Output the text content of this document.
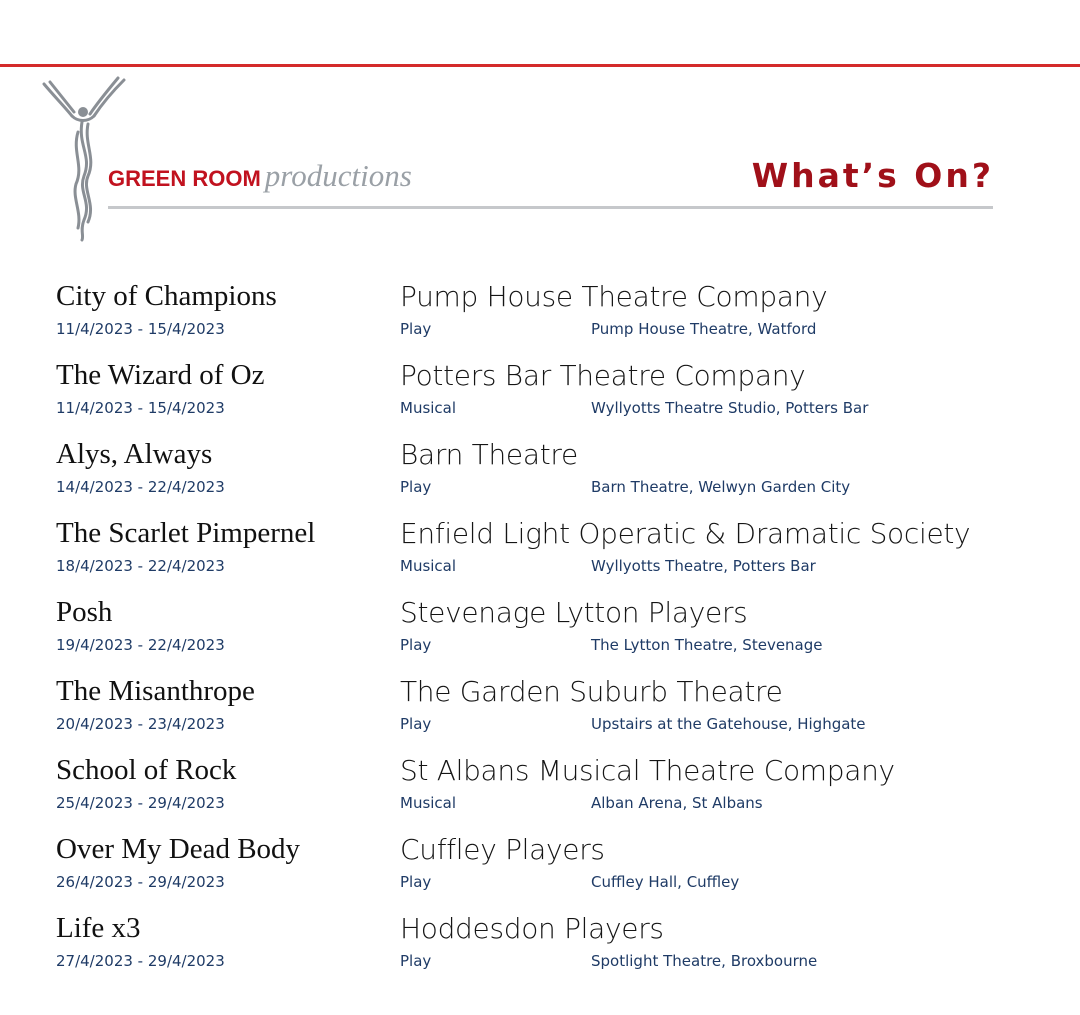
GREEN ROOM productions	What’s On?
City of Champions
11/4/2023 - 15/4/2023
Pump House Theatre Company
Play	Pump House Theatre, Watford
The Wizard of Oz
11/4/2023 - 15/4/2023
Potters Bar Theatre Company
Musical	Wyllyotts Theatre Studio, Potters Bar
Alys, Always
14/4/2023 - 22/4/2023
Barn Theatre
Play	Barn Theatre, Welwyn Garden City
The Scarlet Pimpernel
18/4/2023 - 22/4/2023
Enfield Light Operatic & Dramatic Society
Musical	Wyllyotts Theatre, Potters Bar
Posh
19/4/2023 - 22/4/2023
Stevenage Lytton Players
Play	The Lytton Theatre, Stevenage
The Misanthrope
20/4/2023 - 23/4/2023
The Garden Suburb Theatre
Play	Upstairs at the Gatehouse, Highgate
School of Rock
25/4/2023 - 29/4/2023
St Albans Musical Theatre Company
Musical	Alban Arena, St Albans
Over My Dead Body
26/4/2023 - 29/4/2023
Cuffley Players
Play	Cuffley Hall, Cuffley
Life x3
27/4/2023 - 29/4/2023
Hoddesdon Players
Play	Spotlight Theatre, Broxbourne
